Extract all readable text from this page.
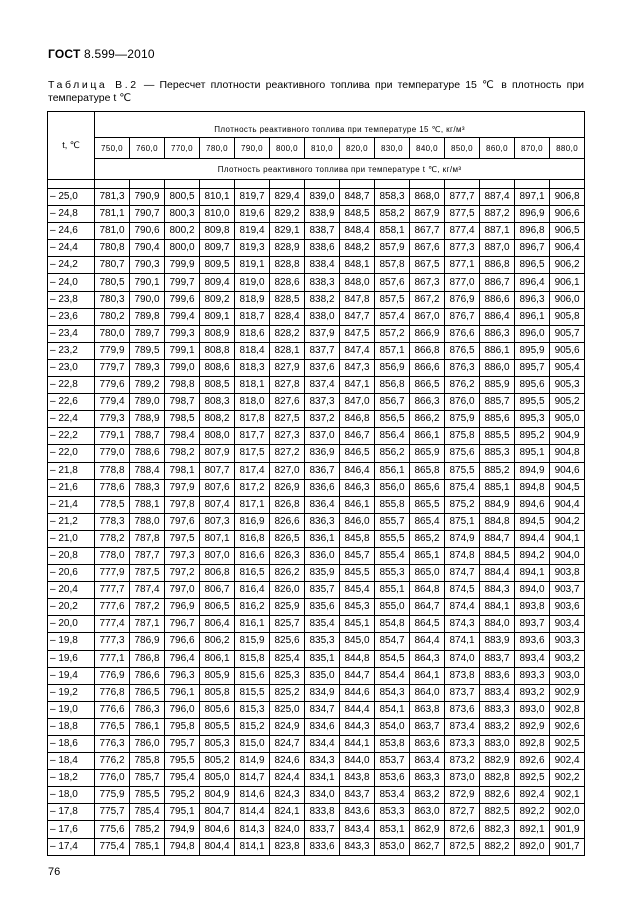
ГОСТ 8.599—2010
Таблица В.2 — Пересчет плотности реактивного топлива при температуре 15 ℃ в плотность при температуре t ℃
t, ℃	Плотность реактивного топлива при температуре 15 ℃, кг/м³													
	750,0	760,0	770,0	780,0	790,0	800,0	810,0	820,0	830,0	840,0	850,0	860,0	870,0	880,0
	Плотность реактивного топлива при температуре t ℃, кг/м³													

– 25,0	781,3	790,9	800,5	810,1	819,7	829,4	839,0	848,7	858,3	868,0	877,7	887,4	897,1	906,8
– 24,8	781,1	790,7	800,3	810,0	819,6	829,2	838,9	848,5	858,2	867,9	877,5	887,2	896,9	906,6
– 24,6	781,0	790,6	800,2	809,8	819,4	829,1	838,7	848,4	858,1	867,7	877,4	887,1	896,8	906,5
– 24,4	780,8	790,4	800,0	809,7	819,3	828,9	838,6	848,2	857,9	867,6	877,3	887,0	896,7	906,4
– 24,2	780,7	790,3	799,9	809,5	819,1	828,8	838,4	848,1	857,8	867,5	877,1	886,8	896,5	906,2
– 24,0	780,5	790,1	799,7	809,4	819,0	828,6	838,3	848,0	857,6	867,3	877,0	886,7	896,4	906,1
– 23,8	780,3	790,0	799,6	809,2	818,9	828,5	838,2	847,8	857,5	867,2	876,9	886,6	896,3	906,0
– 23,6	780,2	789,8	799,4	809,1	818,7	828,4	838,0	847,7	857,4	867,0	876,7	886,4	896,1	905,8
– 23,4	780,0	789,7	799,3	808,9	818,6	828,2	837,9	847,5	857,2	866,9	876,6	886,3	896,0	905,7
– 23,2	779,9	789,5	799,1	808,8	818,4	828,1	837,7	847,4	857,1	866,8	876,5	886,1	895,9	905,6
– 23,0	779,7	789,3	799,0	808,6	818,3	827,9	837,6	847,3	856,9	866,6	876,3	886,0	895,7	905,4
– 22,8	779,6	789,2	798,8	808,5	818,1	827,8	837,4	847,1	856,8	866,5	876,2	885,9	895,6	905,3
– 22,6	779,4	789,0	798,7	808,3	818,0	827,6	837,3	847,0	856,7	866,3	876,0	885,7	895,5	905,2
– 22,4	779,3	788,9	798,5	808,2	817,8	827,5	837,2	846,8	856,5	866,2	875,9	885,6	895,3	905,0
– 22,2	779,1	788,7	798,4	808,0	817,7	827,3	837,0	846,7	856,4	866,1	875,8	885,5	895,2	904,9
– 22,0	779,0	788,6	798,2	807,9	817,5	827,2	836,9	846,5	856,2	865,9	875,6	885,3	895,1	904,8
– 21,8	778,8	788,4	798,1	807,7	817,4	827,0	836,7	846,4	856,1	865,8	875,5	885,2	894,9	904,6
– 21,6	778,6	788,3	797,9	807,6	817,2	826,9	836,6	846,3	856,0	865,6	875,4	885,1	894,8	904,5
– 21,4	778,5	788,1	797,8	807,4	817,1	826,8	836,4	846,1	855,8	865,5	875,2	884,9	894,6	904,4
– 21,2	778,3	788,0	797,6	807,3	816,9	826,6	836,3	846,0	855,7	865,4	875,1	884,8	894,5	904,2
– 21,0	778,2	787,8	797,5	807,1	816,8	826,5	836,1	845,8	855,5	865,2	874,9	884,7	894,4	904,1
– 20,8	778,0	787,7	797,3	807,0	816,6	826,3	836,0	845,7	855,4	865,1	874,8	884,5	894,2	904,0
– 20,6	777,9	787,5	797,2	806,8	816,5	826,2	835,9	845,5	855,3	865,0	874,7	884,4	894,1	903,8
– 20,4	777,7	787,4	797,0	806,7	816,4	826,0	835,7	845,4	855,1	864,8	874,5	884,3	894,0	903,7
– 20,2	777,6	787,2	796,9	806,5	816,2	825,9	835,6	845,3	855,0	864,7	874,4	884,1	893,8	903,6
– 20,0	777,4	787,1	796,7	806,4	816,1	825,7	835,4	845,1	854,8	864,5	874,3	884,0	893,7	903,4
– 19,8	777,3	786,9	796,6	806,2	815,9	825,6	835,3	845,0	854,7	864,4	874,1	883,9	893,6	903,3
– 19,6	777,1	786,8	796,4	806,1	815,8	825,4	835,1	844,8	854,5	864,3	874,0	883,7	893,4	903,2
– 19,4	776,9	786,6	796,3	805,9	815,6	825,3	835,0	844,7	854,4	864,1	873,8	883,6	893,3	903,0
– 19,2	776,8	786,5	796,1	805,8	815,5	825,2	834,9	844,6	854,3	864,0	873,7	883,4	893,2	902,9
– 19,0	776,6	786,3	796,0	805,6	815,3	825,0	834,7	844,4	854,1	863,8	873,6	883,3	893,0	902,8
– 18,8	776,5	786,1	795,8	805,5	815,2	824,9	834,6	844,3	854,0	863,7	873,4	883,2	892,9	902,6
– 18,6	776,3	786,0	795,7	805,3	815,0	824,7	834,4	844,1	853,8	863,6	873,3	883,0	892,8	902,5
– 18,4	776,2	785,8	795,5	805,2	814,9	824,6	834,3	844,0	853,7	863,4	873,2	882,9	892,6	902,4
– 18,2	776,0	785,7	795,4	805,0	814,7	824,4	834,1	843,8	853,6	863,3	873,0	882,8	892,5	902,2
– 18,0	775,9	785,5	795,2	804,9	814,6	824,3	834,0	843,7	853,4	863,2	872,9	882,6	892,4	902,1
– 17,8	775,7	785,4	795,1	804,7	814,4	824,1	833,8	843,6	853,3	863,0	872,7	882,5	892,2	902,0
– 17,6	775,6	785,2	794,9	804,6	814,3	824,0	833,7	843,4	853,1	862,9	872,6	882,3	892,1	901,9
– 17,4	775,4	785,1	794,8	804,4	814,1	823,8	833,6	843,3	853,0	862,7	872,5	882,2	892,0	901,7
76
